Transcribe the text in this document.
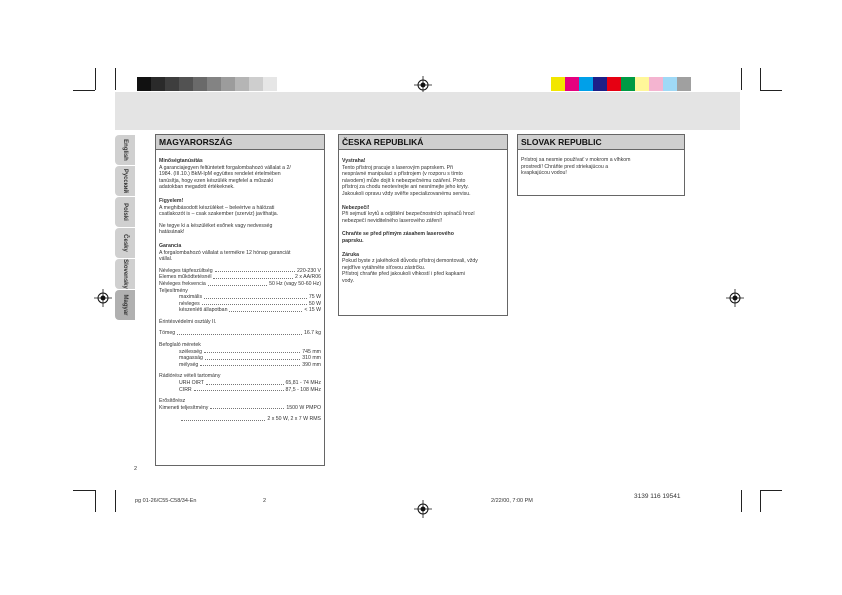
English
Русский
Polski
Česky
Slovensky
Magyar
MAGYARORSZÁG
Minőségtanúsítás
A garanciajegyen feltüntetett forgalombahozó vállalat a 2/
1984. (III.10.) BkM-IpM együttes rendelet értelmében
tanúsítja, hogy ezen készülék megfelel a műszaki
adatokban megadott értékeknek.
Figyelem!
A meghibásodott készüléket – beleértve a hálózati
csatlakozót is – csak szakember (szerviz) javíthatja.
Ne tegye ki a készüléket esőnek vagy nedvesség
hatásának!
Garancia
A forgalombahozó vállalat a termékre 12 hónap garanciát
vállal.
Névleges tápfeszültség	220-230 V
Elemes működtetésnél	2 x AA/R06
Névleges frekvencia	50 Hz (vagy 50-60 Hz)
Teljesítmény
maximális	75 W
névleges	50 W
készenléti állapotban	< 15 W
Érintésvédelmi osztály II.
Tömeg	16.7 kg
Befoglaló méretek
szélesség	745 mm
magasság	310 mm
mélység	390 mm
Rádiórész vételi tartomány
URH OIRT	65,81 - 74 MHz
CIRR	87,5 - 108 MHz
Erősítőrész
Kimeneti teljesítmény	1500 W PMPO
2 x 50 W, 2 x 7 W RMS
ČESKA REPUBLIKÁ
Vystraha!
Tento přístroj pracuje s laserovým paprskem. Při
nesprávné manipulaci s přístrojem (v rozporu s tímto
návodem) může dojít k nebezpečnému ozáření. Proto
přístroj za chodu neotevírejte ani nesnímejte jeho kryty.
Jakoukoli opravu vždy svěřte specializovanému servisu.
Nebezpečí!
Při sejmutí krytů a odjištění bezpečnostních spínačů hrozí
nebezpečí neviditelného laserového záření!
Chraňte se před přímým zásahem laserového
paprsku.
Záruka
Pokud byste z jakéhokoli důvodu přístroj demontovali, vždy
nejdříve vytáhněte síťovou zástrčku.
Přístroj chraňte před jakoukoli vlhkostí i před kapkami
vody.
SLOVAK REPUBLIC
Prístroj sa nesmie používať v mokrom a vlhkom
prostredí! Chráňte pred striekajúcou a
kvapkajúcou vodou!
2
pg 01-26/C55-C58/34-En	2	2/22/00, 7:00 PM
3139 116 19541
